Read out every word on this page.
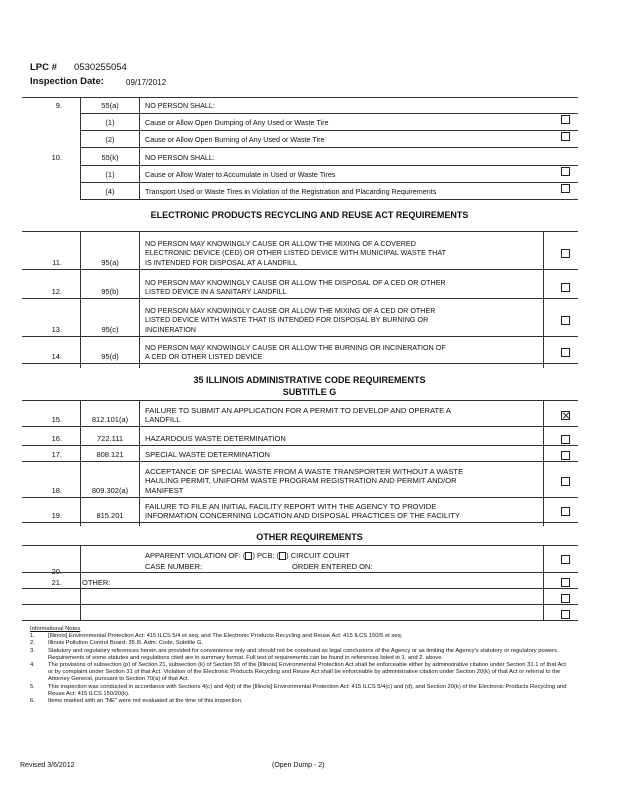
LPC # 0530255054
Inspection Date:	09/17/2012
9.	55(a)	NO PERSON SHALL:
(1)	Cause or Allow Open Dumping of Any Used or Waste Tire
(2)	Cause or Allow Open Burning of Any Used or Waste Tire
10.	55(k)	NO PERSON SHALL:
(1)	Cause or Allow Water to Accumulate in Used or Waste Tires
(4)	Transport Used or Waste Tires in Violation of the Registration and Placarding Requirements
ELECTRONIC PRODUCTS RECYCLING AND REUSE ACT REQUIREMENTS
11.	95(a)
NO PERSON MAY KNOWINGLY CAUSE OR ALLOW THE MIXING OF A COVERED
ELECTRONIC DEVICE (CED) OR OTHER LISTED DEVICE WITH MUNICIPAL WASTE THAT
IS INTENDED FOR DISPOSAL AT A LANDFILL
12.	95(b)
NO PERSON MAY KNOWINGLY CAUSE OR ALLOW THE DISPOSAL OF A CED OR OTHER
LISTED DEVICE IN A SANITARY LANDFILL
13.	95(c)
NO PERSON MAY KNOWINGLY CAUSE OR ALLOW THE MIXING OF A CED OR OTHER
LISTED DEVICE WITH WASTE THAT IS INTENDED FOR DISPOSAL BY BURNING OR
INCINERATION
14.	95(d)
NO PERSON MAY KNOWINGLY CAUSE OR ALLOW THE BURNING OR INCINERATION OF
A CED OR OTHER LISTED DEVICE
35 ILLINOIS ADMINISTRATIVE CODE REQUIREMENTS
SUBTITLE G
15.	812.101(a)
FAILURE TO SUBMIT AN APPLICATION FOR A PERMIT TO DEVELOP AND OPERATE A
LANDFILL
16.	722.111	HAZARDOUS WASTE DETERMINATION
17.	808.121	SPECIAL WASTE DETERMINATION
18.	809.302(a)
ACCEPTANCE OF SPECIAL WASTE FROM A WASTE TRANSPORTER WITHOUT A WASTE
HAULING PERMIT, UNIFORM WASTE PROGRAM REGISTRATION AND PERMIT AND/OR
MANIFEST
19.	815.201
FAILURE TO FILE AN INITIAL FACILITY REPORT WITH THE AGENCY TO PROVIDE
INFORMATION CONCERNING LOCATION AND DISPOSAL PRACTICES OF THE FACILITY
OTHER REQUIREMENTS
APPARENT VIOLATION OF: ( ) PCB; ( ) CIRCUIT COURT
CASE NUMBER:	ORDER ENTERED ON:
21.	OTHER:
Informational Notes
1.	[Illinois] Environmental Protection Act: 415 ILCS 5/4 et seq. and The Electronic Products Recycling and Reuse Act: 415 ILCS 150/5 et seq.
2.	Illinois Pollution Control Board: 35 Ill. Adm. Code, Subtitle G.
3.	Statutory and regulatory references herein are provided for convenience only and should not be construed as legal conclusions of the Agency or as limiting the Agency's statutory or regulatory powers. Requirements of some statutes and regulations cited are in summary format. Full text of requirements can be found in references listed in 1. and 2. above.
4.	The provisions of subsection (p) of Section 21, subsection (k) of Section 55 of the [Illinois] Environmental Protection Act shall be enforceable either by administrative citation under Section 31.1 of that Act or by complaint under Section 31 of that Act. Violation of the Electronic Products Recycling and Reuse Act shall be enforceable by administrative citation under Section 20(k) of that Act or referral to the Attorney General, pursuant to Section 70(a) of that Act.
5.	This inspection was conducted in accordance with Sections 4(c) and 4(d) of the [Illinois] Environmental Protection Act: 415 ILCS 5/4(c) and (d), and Section 20(k) of the Electronic Products Recycling and Reuse Act: 415 ILCS 150/20(k).
6.	Items marked with an "NE" were not evaluated at the time of this inspection.
Revised 3/6/2012	(Open Dump - 2)
